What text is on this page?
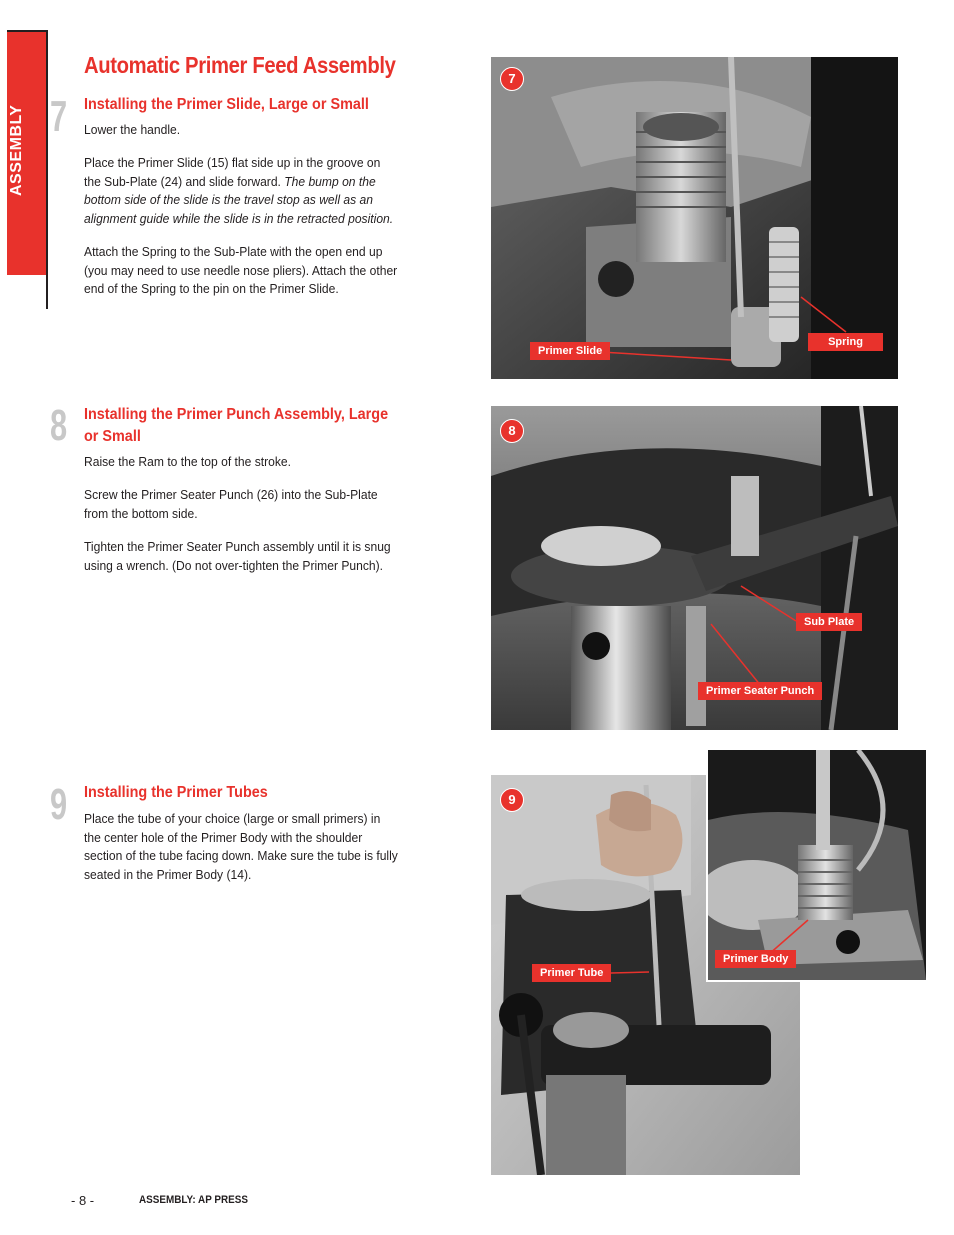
ASSEMBLY
Automatic Primer Feed Assembly
7 Installing the Primer Slide, Large or Small
Lower the handle.
Place the Primer Slide (15) flat side up in the groove on the Sub-Plate (24) and slide forward. The bump on the bottom side of the slide is the travel stop as well as an alignment guide while the slide is in the retracted position.
Attach the Spring to the Sub-Plate with the open end up (you may need to use needle nose pliers). Attach the other end of the Spring to the pin on the Primer Slide.
8 Installing the Primer Punch Assembly, Large or Small
Raise the Ram to the top of the stroke.
Screw the Primer Seater Punch (26) into the Sub-Plate from the bottom side.
Tighten the Primer Seater Punch assembly until it is snug using a wrench. (Do not over-tighten the Primer Punch).
9 Installing the Primer Tubes
Place the tube of your choice (large or small primers) in the center hole of the Primer Body with the shoulder section of the tube facing down. Make sure the tube is fully seated in the Primer Body (14).
7
Primer Slide
Spring
8
Sub Plate
Primer Seater Punch
9
Primer Tube
Primer Body
- 8 -	ASSEMBLY: AP PRESS
